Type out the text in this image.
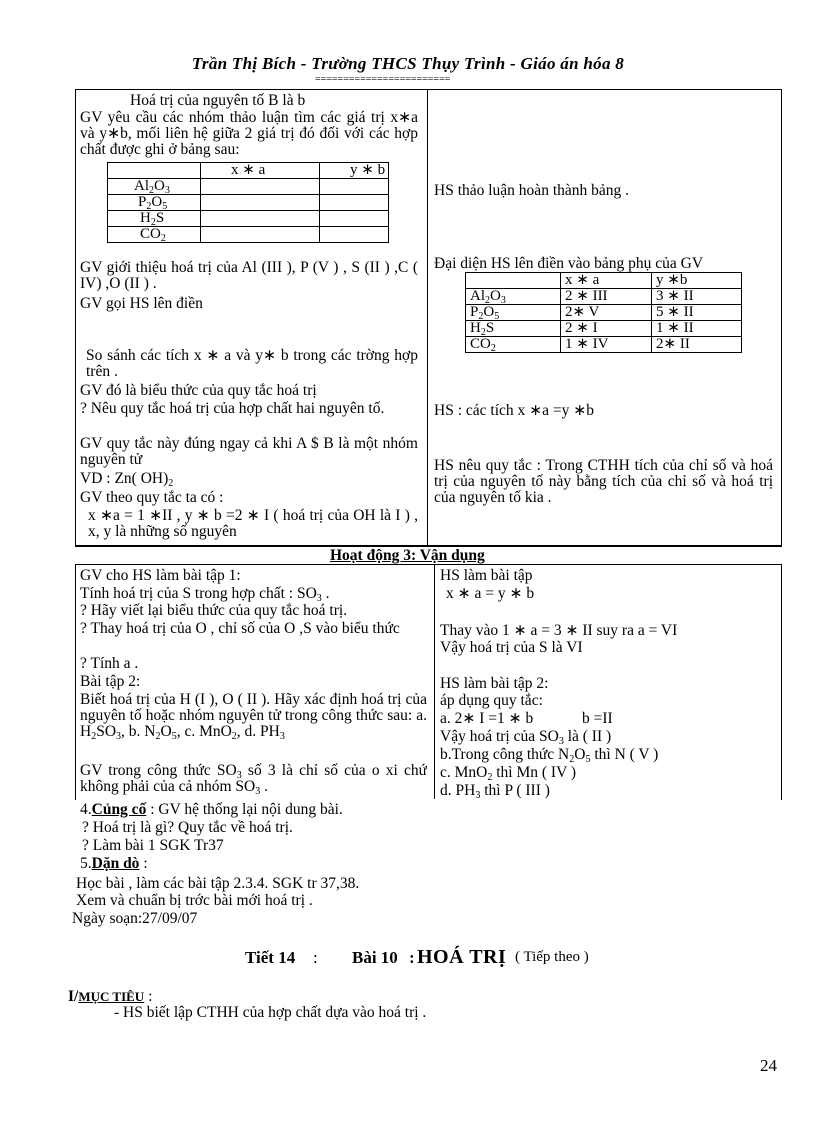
Trần Thị Bích - Trường THCS Thụy Trình - Giáo án hóa 8
========================
Hoá trị của nguyên tố B là b
GV yêu cầu các nhóm thảo luận tìm các giá trị x∗a và y∗b, mối liên hệ giữa 2 giá trị đó đối với các hợp chất được ghi ở bảng sau:
	x ∗ a	y ∗ b
$Al_2O_3$		
$P_2O_5$		
$H_2S$		
$CO_2$		
GV giới thiệu hoá trị của Al (III ), P (V ) , S (II ) ,C ( IV) ,O (II ) .
GV gọi HS lên điền
So sánh các tích x ∗ a và y∗ b trong các trờng hợp trên .
GV đó là biểu thức của quy tắc hoá trị
? Nêu quy tắc hoá trị của hợp chất hai nguyên tố.
GV quy tắc này đúng ngay cả khi A $ B là một nhóm nguyên tử
VD : Zn( $OH)_2$
GV theo quy tắc ta có :
x ∗a = 1 ∗II , y ∗ b =2 ∗ I ( hoá trị của OH là I ) , x, y là những số nguyên
HS thảo luận hoàn thành bảng .
Đại diện HS lên điền vào bảng phụ của GV
	x ∗ a	y ∗b
$Al_2O_3$	2 ∗ III	3 ∗ II
$P_2O_5$	2∗ V	5 ∗ II
$H_2S$	2 ∗ I	1 ∗ II
$CO_2$	1 ∗ IV	2∗ II
HS : các tích x ∗a =y ∗b
HS nêu quy tắc : Trong CTHH tích của chỉ số và hoá trị của nguyên tố này bằng tích của chỉ số và hoá trị của nguyên tố kia .
Hoạt động 3: Vận dụng
GV cho HS làm bài tập 1:
Tính hoá trị của S trong hợp chất : $SO_3$ .
? Hãy viết lại biểu thức của quy tắc hoá trị.
? Thay hoá trị của O , chỉ số của O ,S vào biểu thức
? Tính a .
Bài tập 2:
Biết hoá trị của H (I ), O ( II ). Hãy xác định hoá trị của nguyên tố hoặc nhóm nguyên tử trong công thức sau: a. $H_2SO_3$, b. $N_2O_5$, c. MnO$_2$, d. $PH_3$
GV trong công thức $SO_3$ số 3 là chỉ số của o xi chứ không phải của cả nhóm $SO_3$ .
HS làm bài tập
x ∗ a = y ∗ b
Thay vào 1 ∗ a = 3 ∗ II suy ra a = VI
Vậy hoá trị của S là VI
HS làm bài tập 2:
áp dụng quy tắc:
a. 2∗ I =1 ∗ b	b =II
Vậy hoá trị của $SO_3$ là ( II )
b.Trong công thức $N_2O_5$ thì N ( V )
c. MnO$_2$ thì Mn ( IV )
d. $PH_3$ thì P ( III )
4.Củng cố : GV hệ thống lại nội dung bài.
? Hoá trị là gì? Quy tắc về hoá trị.
? Làm bài 1 SGK Tr37
5.Dặn dò :
Học bài , làm các bài tập 2.3.4. SGK tr 37,38.
Xem và chuẩn bị trớc bài mới hoá trị .
Ngày soạn:27/09/07
Tiết 14 : Bài 10 : HOÁ TRỊ ( Tiếp theo )
I/MỤC TIÊU :
- HS biết lập CTHH của hợp chất dựa vào hoá trị .
24
